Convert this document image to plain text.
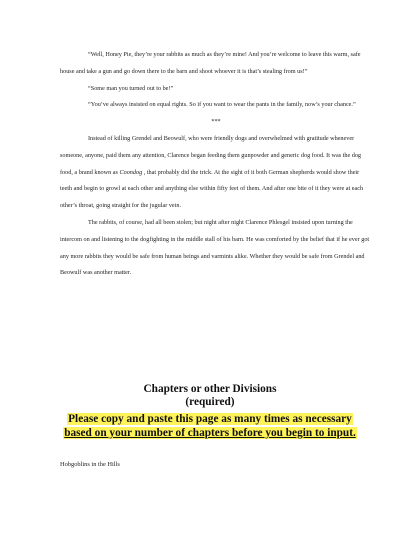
“Well, Honey Pie, they’re your rabbits as much as they’re mine! And you’re welcome to leave this warm, safe house and take a gun and go down there to the barn and shoot whoever it is that’s stealing from us!”

“Some man you turned out to be!”

“You’ve always insisted on equal rights. So if you want to wear the pants in the family, now’s your chance.”

***

Instead of killing Grendel and Beowulf, who were friendly dogs and overwhelmed with gratitude whenever someone, anyone, paid them any attention, Clarence began feeding them gunpowder and generic dog food. It was the dog food, a brand known as Coondog , that probably did the trick. At the sight of it both German shepherds would show their teeth and begin to growl at each other and anything else within fifty feet of them. And after one bite of it they were at each other’s throat, going straight for the jugular vein.

The rabbits, of course, had all been stolen; but night after night Clarence Phlesgel insisted upon turning the intercom on and listening to the dogfighting in the middle stall of his barn. He was comforted by the belief that if he ever got any more rabbits they would be safe from human beings and varmints alike. Whether they would be safe from Grendel and Beowulf was another matter.

Chapters or other Divisions
(required)
Please copy and paste this page as many times as necessary
based on your number of chapters before you begin to input.
Hobgoblins in the Hills
